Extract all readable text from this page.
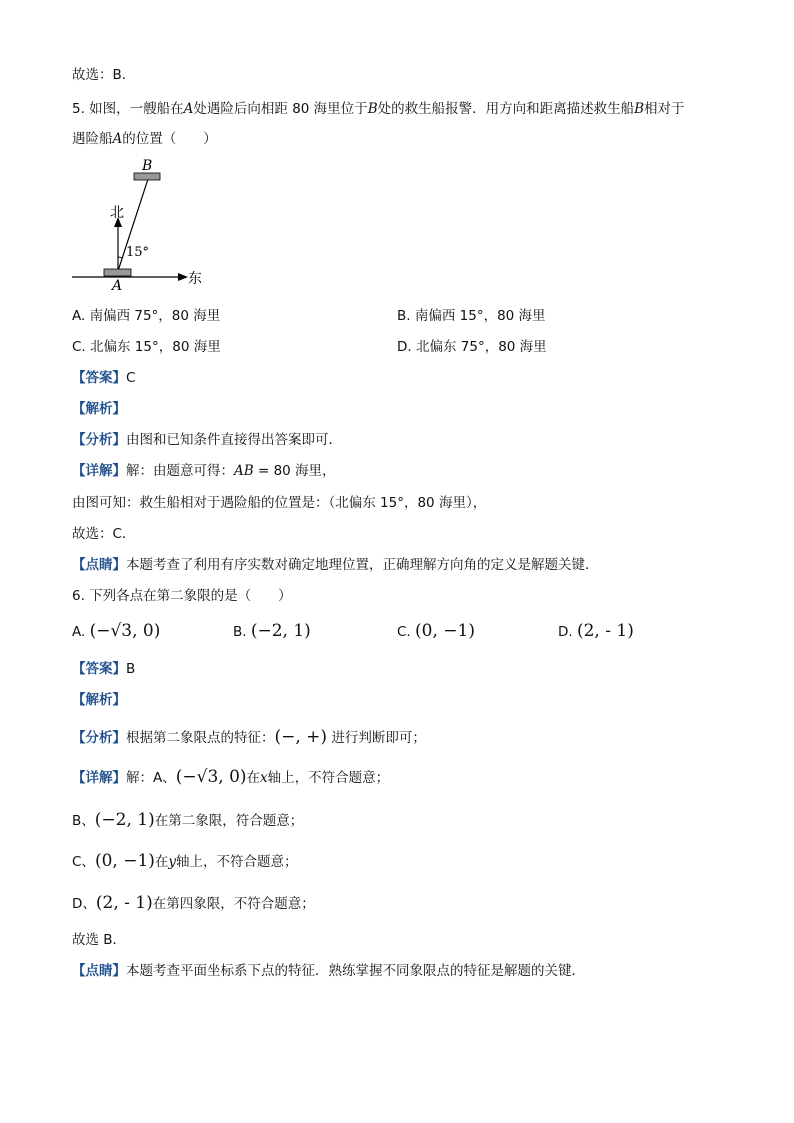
故选：B．
5. 如图，一艘船在A处遇险后向相距 80 海里位于B处的救生船报警．用方向和距离描述救生船B相对于
遇险船A的位置（　　）
B
A
北
东
15°
A. 南偏西 75°，80 海里	B. 南偏西 15°，80 海里
C. 北偏东 15°，80 海里	D. 北偏东 75°，80 海里
【答案】C
【解析】
【分析】由图和已知条件直接得出答案即可．
【详解】解：由题意可得：AB = 80 海里，
由图可知：救生船相对于遇险船的位置是：（北偏东 15°，80 海里），
故选：C．
【点睛】本题考查了利用有序实数对确定地理位置，正确理解方向角的定义是解题关键．
6. 下列各点在第二象限的是（　　）
A. (−√3, 0)	B. (−2, 1)	C. (0, −1)	D. (2, - 1)
【答案】B
【解析】
【分析】根据第二象限点的特征：(−, +) 进行判断即可；
【详解】解：A、(−√3, 0)在x轴上，不符合题意；
B、(−2, 1)在第二象限，符合题意；
C、(0, −1)在y轴上，不符合题意；
D、(2, - 1)在第四象限，不符合题意；
故选 B．
【点睛】本题考查平面坐标系下点的特征．熟练掌握不同象限点的特征是解题的关键．
